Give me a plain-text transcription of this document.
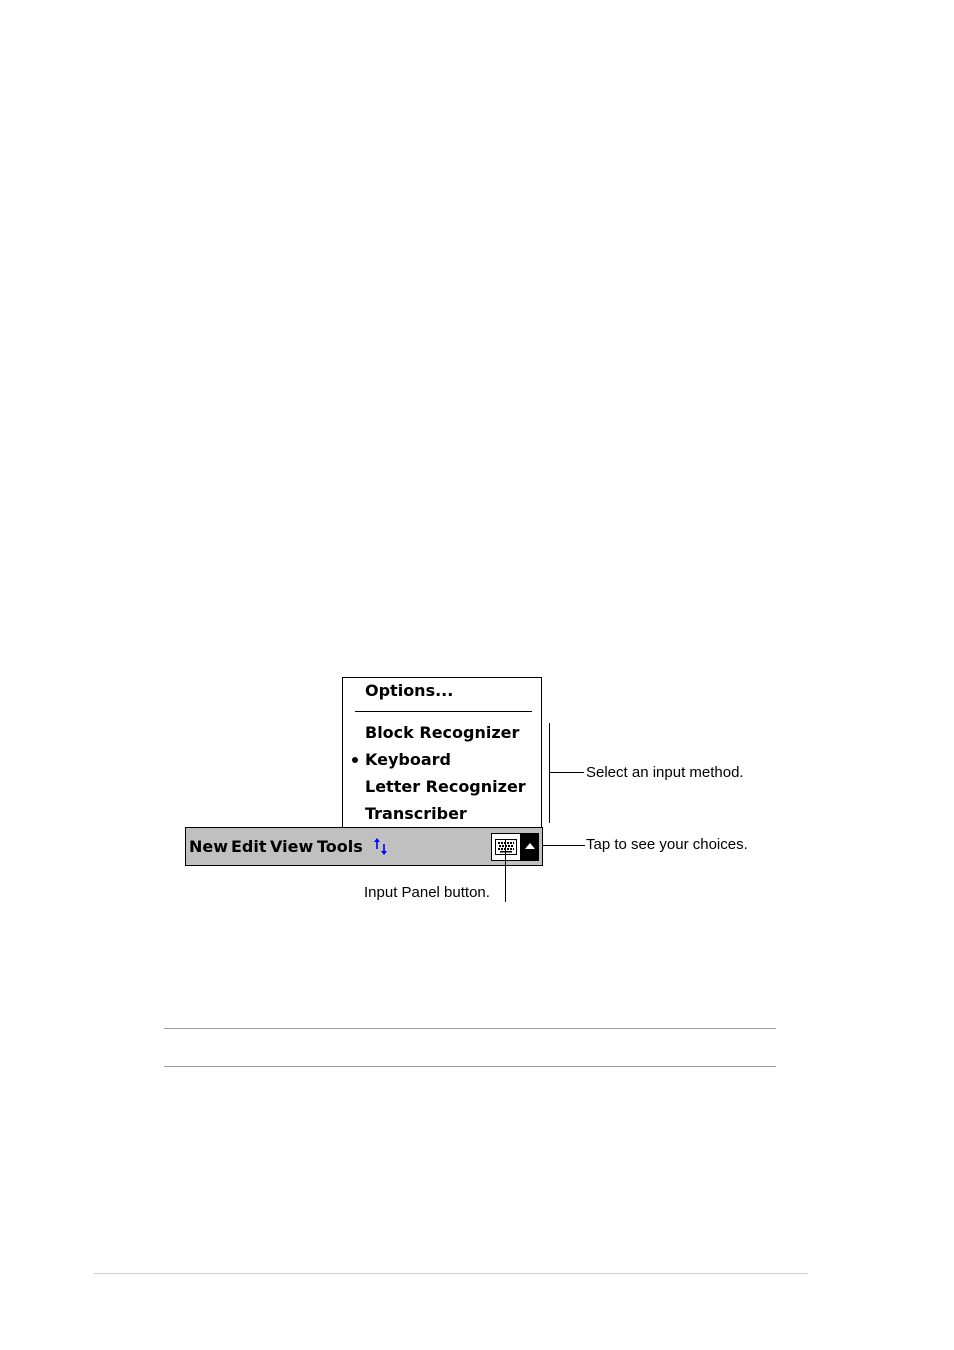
Options...
Block Recognizer
Keyboard
Letter Recognizer
Transcriber
New Edit View Tools
Select an input method.
Tap to see your choices.
Input Panel button.
